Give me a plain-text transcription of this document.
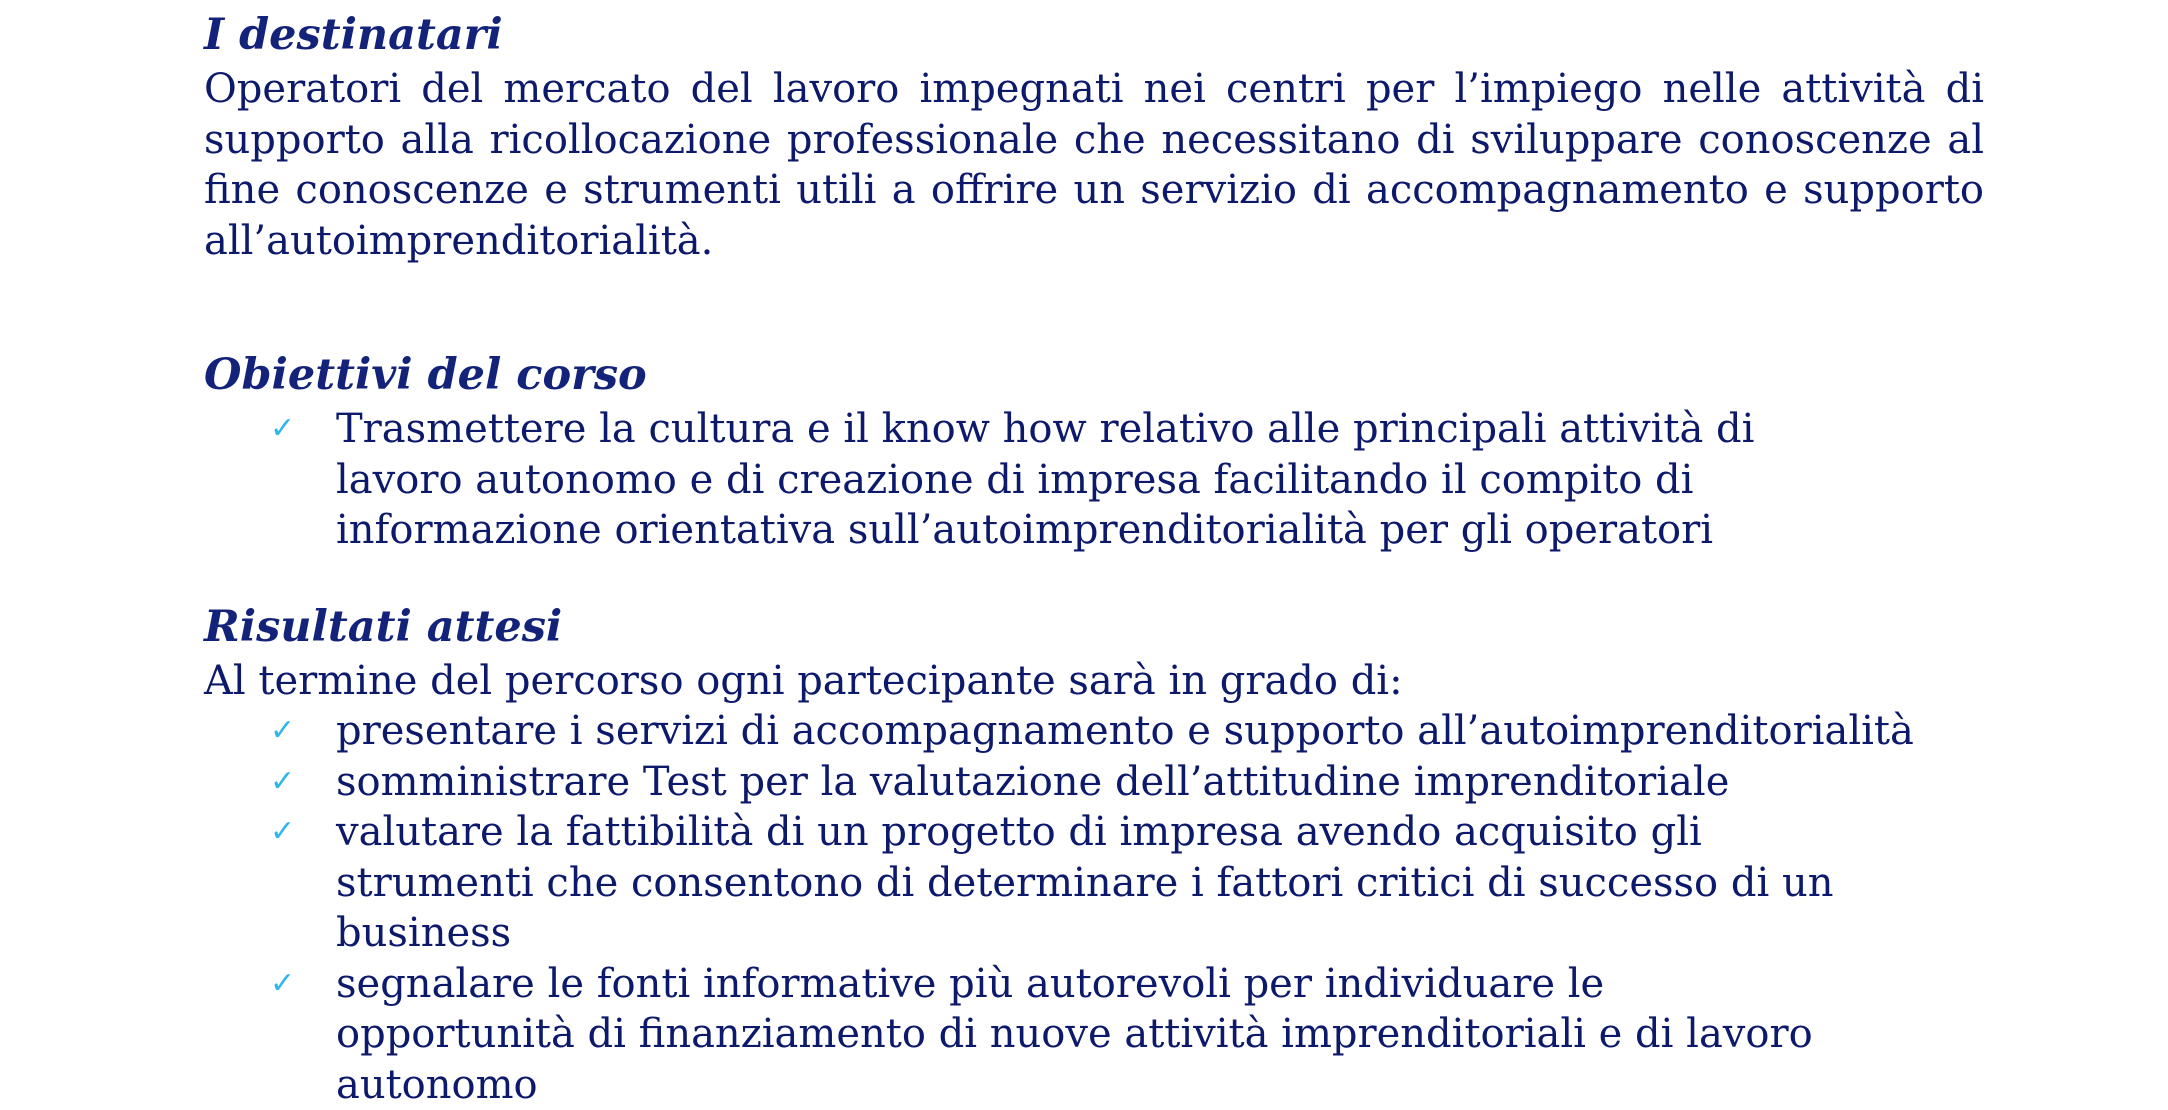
I destinatari

Operatori del mercato del lavoro impegnati nei centri per l’impiego nelle attività di supporto alla ricollocazione professionale che necessitano di sviluppare conoscenze al fine conoscenze e strumenti utili a offrire un servizio di accompagnamento e supporto all’autoimprenditorialità.

Obiettivi del corso
✓ Trasmettere la cultura e il know how relativo alle principali attività di lavoro autonomo e di creazione di impresa facilitando il compito di informazione orientativa sull’autoimprenditorialità per gli operatori
Risultati attesi

Al termine del percorso ogni partecipante sarà in grado di:

✓ presentare i servizi di accompagnamento e supporto all’autoimprenditorialità
✓ somministrare Test per la valutazione dell’attitudine imprenditoriale
✓ valutare la fattibilità di un progetto di impresa avendo acquisito gli strumenti che consentono di determinare i fattori critici di successo di un business
✓ segnalare le fonti informative più autorevoli per individuare le opportunità di finanziamento di nuove attività imprenditoriali e di lavoro autonomo
